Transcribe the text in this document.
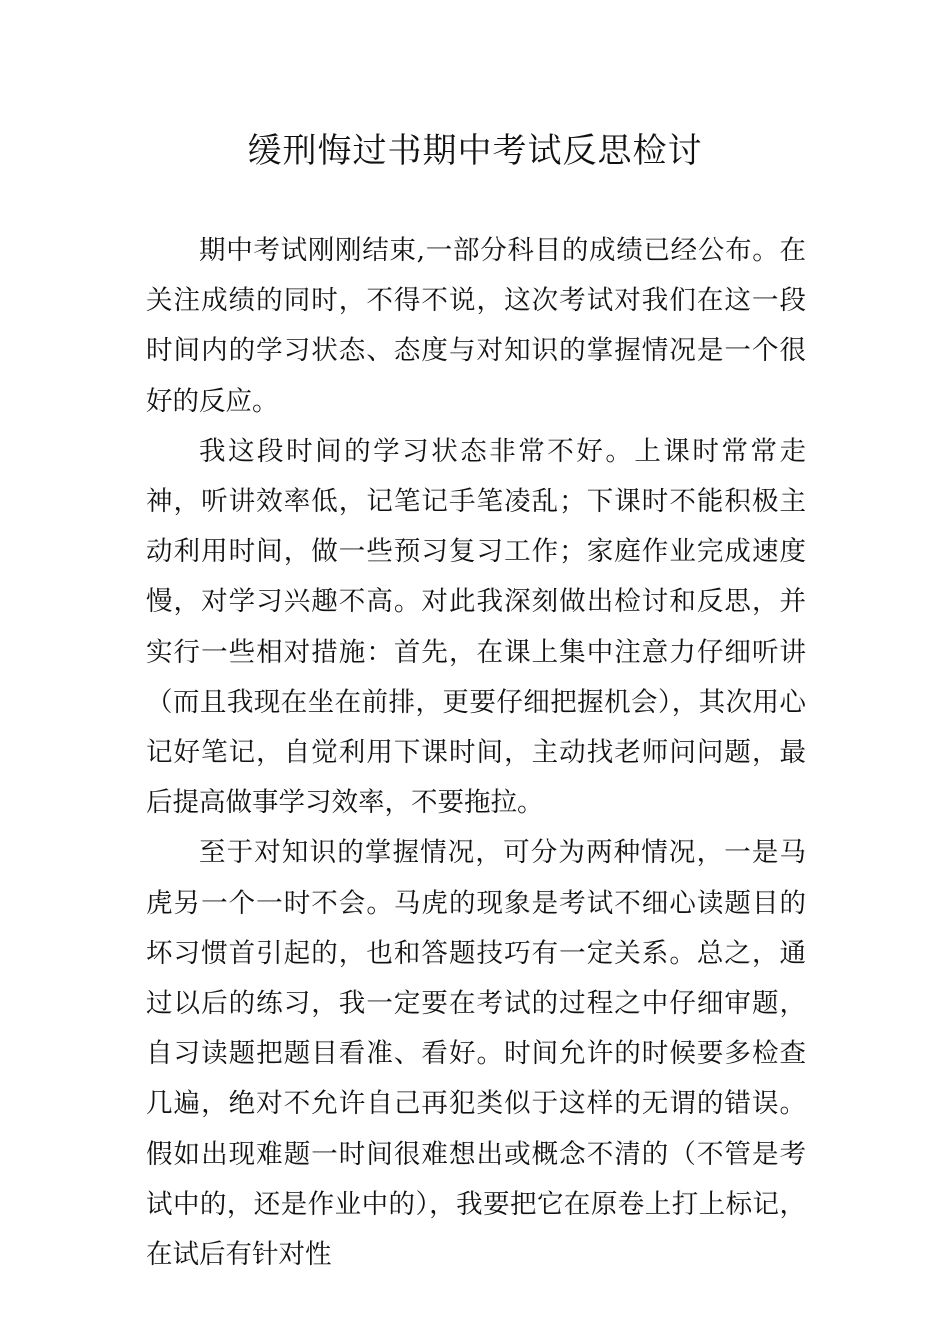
缓刑悔过书期中考试反思检讨

期中考试刚刚结束,一部分科目的成绩已经公布。在关注成绩的同时，不得不说，这次考试对我们在这一段时间内的学习状态、态度与对知识的掌握情况是一个很好的反应。

我这段时间的学习状态非常不好。上课时常常走神，听讲效率低，记笔记手笔凌乱；下课时不能积极主动利用时间，做一些预习复习工作；家庭作业完成速度慢，对学习兴趣不高。对此我深刻做出检讨和反思，并实行一些相对措施：首先，在课上集中注意力仔细听讲（而且我现在坐在前排，更要仔细把握机会），其次用心记好笔记，自觉利用下课时间，主动找老师问问题，最后提高做事学习效率，不要拖拉。

至于对知识的掌握情况，可分为两种情况，一是马虎另一个一时不会。马虎的现象是考试不细心读题目的坏习惯首引起的，也和答题技巧有一定关系。总之，通过以后的练习，我一定要在考试的过程之中仔细审题，自习读题把题目看准、看好。时间允许的时候要多检查几遍，绝对不允许自己再犯类似于这样的无谓的错误。假如出现难题一时间很难想出或概念不清的（不管是考试中的，还是作业中的），我要把它在原卷上打上标记，在试后有针对性
